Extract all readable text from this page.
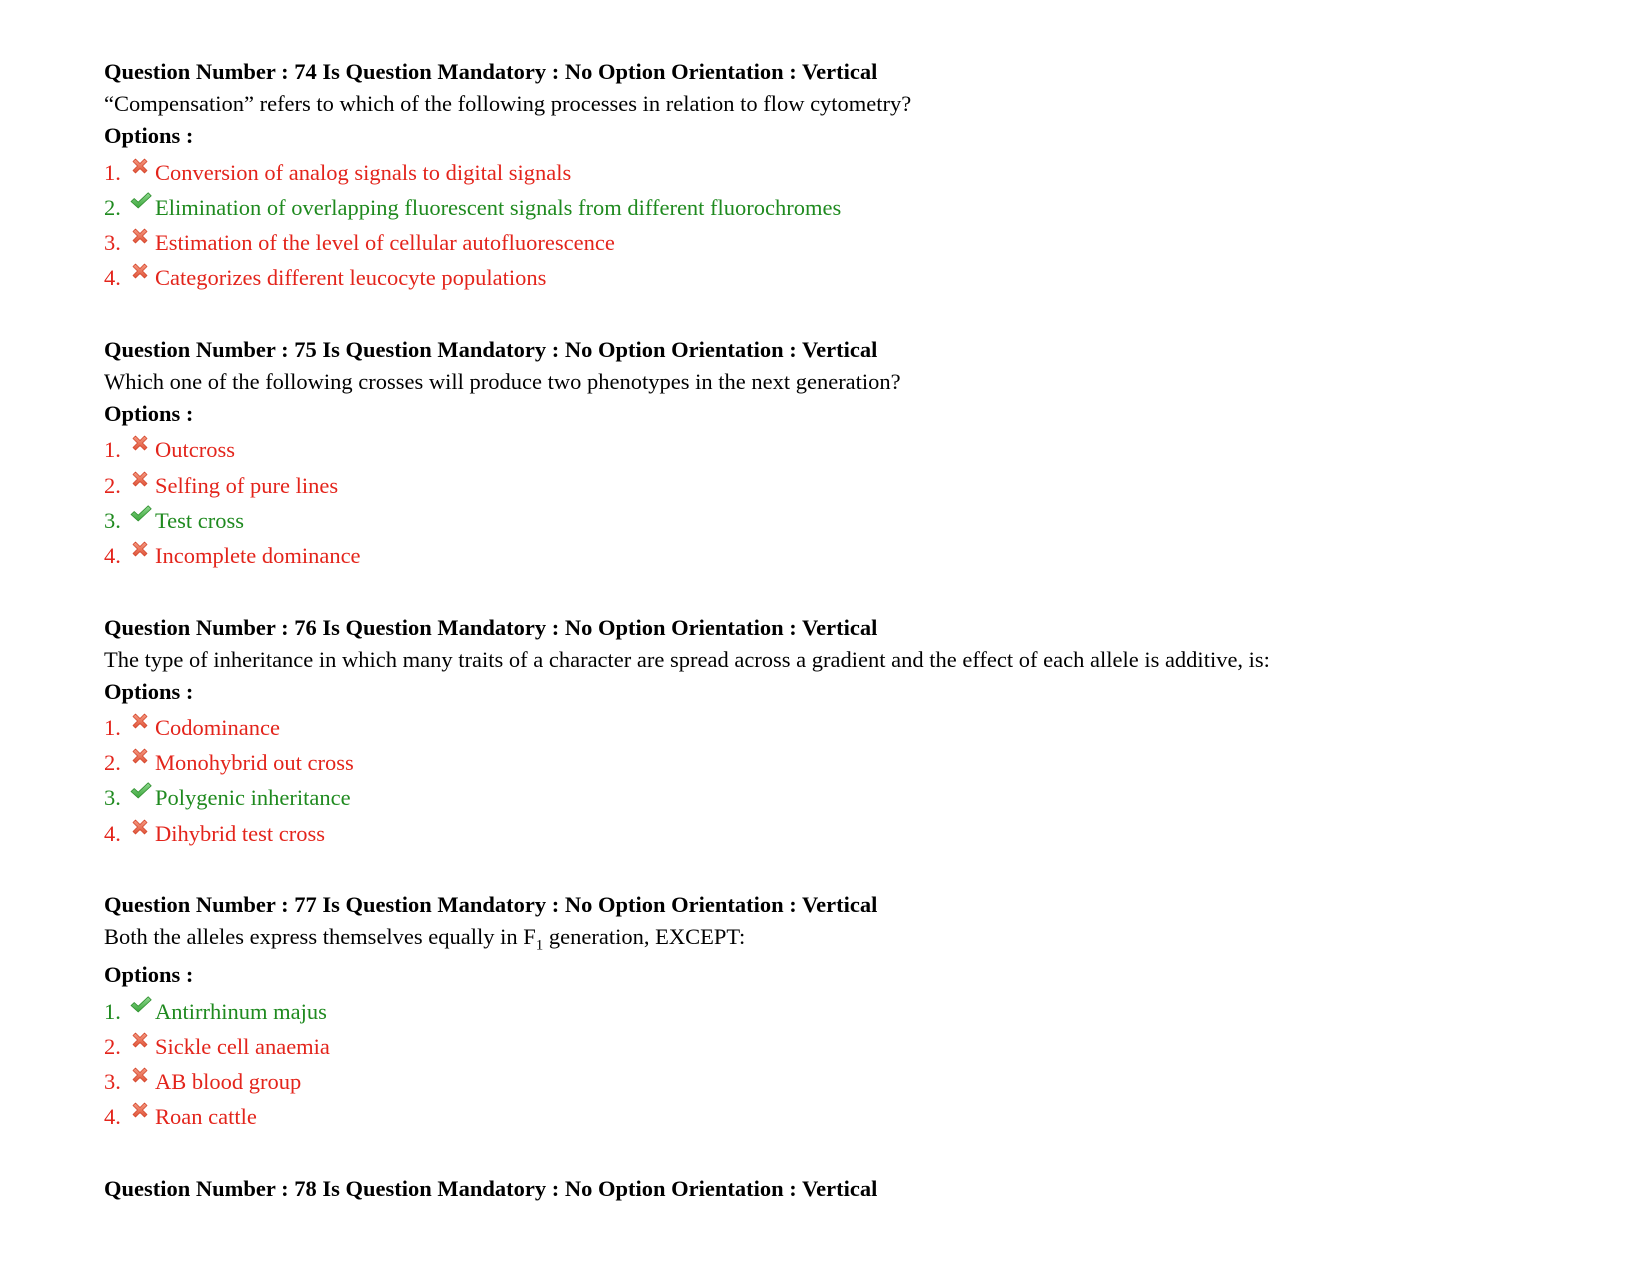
Question Number : 74 Is Question Mandatory : No Option Orientation : Vertical
“Compensation” refers to which of the following processes in relation to flow cytometry?
Options :
1.	Conversion of analog signals to digital signals
2.	Elimination of overlapping fluorescent signals from different fluorochromes
3.	Estimation of the level of cellular autofluorescence
4.	Categorizes different leucocyte populations
Question Number : 75 Is Question Mandatory : No Option Orientation : Vertical
Which one of the following crosses will produce two phenotypes in the next generation?
Options :
1.	Outcross
2.	Selfing of pure lines
3.	Test cross
4.	Incomplete dominance
Question Number : 76 Is Question Mandatory : No Option Orientation : Vertical
The type of inheritance in which many traits of a character are spread across a gradient and the effect of each allele is additive, is:
Options :
1.	Codominance
2.	Monohybrid out cross
3.	Polygenic inheritance
4.	Dihybrid test cross
Question Number : 77 Is Question Mandatory : No Option Orientation : Vertical
Both the alleles express themselves equally in $F_1$ generation, EXCEPT:
Options :
1.	Antirrhinum majus
2.	Sickle cell anaemia
3.	AB blood group
4.	Roan cattle
Question Number : 78 Is Question Mandatory : No Option Orientation : Vertical
